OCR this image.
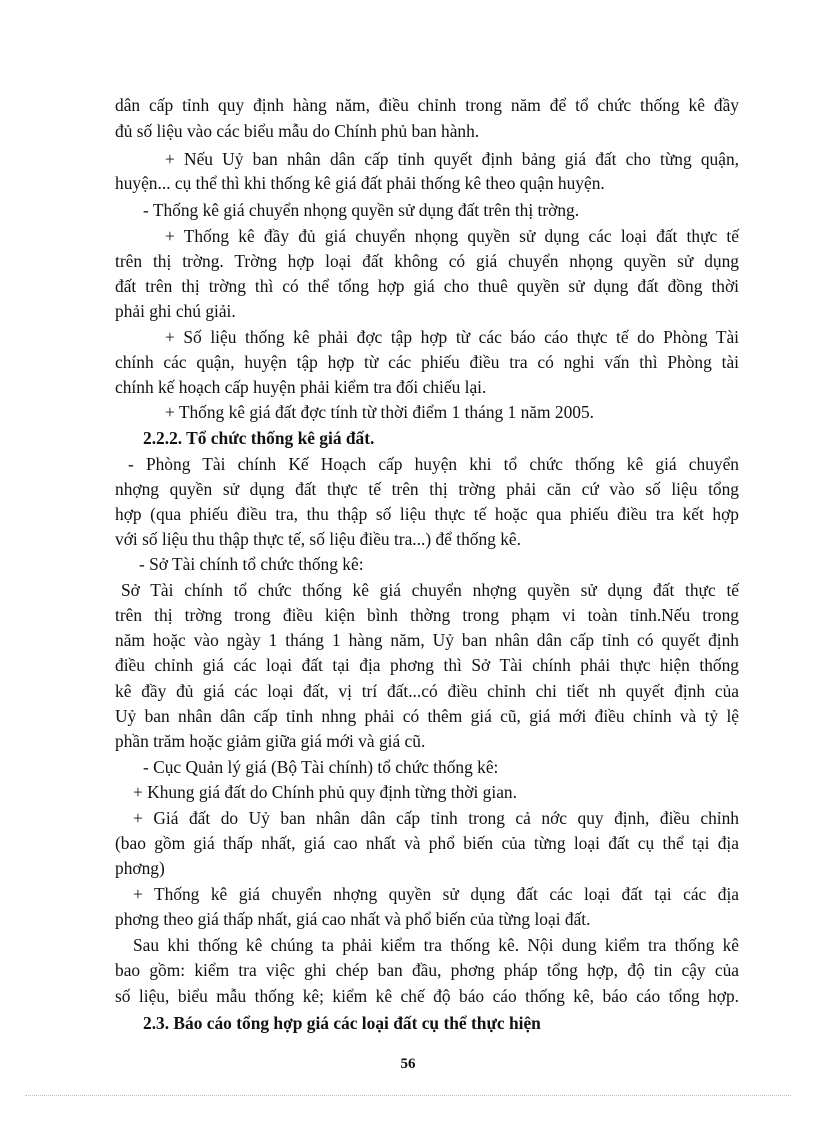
dân cấp tỉnh quy định hàng năm, điều chỉnh trong năm để tổ chức thống kê đầy
đủ số liệu vào các biểu mẫu do Chính phủ ban hành.
+ Nếu Uỷ ban nhân dân cấp tỉnh quyết định bảng giá đất cho từng quận,
huyện... cụ thể thì khi thống kê giá đất phải thống kê theo quận huyện.
- Thống kê giá chuyển nhọng quyền sử dụng đất trên thị trờng.
+ Thống kê đầy đủ giá chuyển nhọng quyền sử dụng các loại đất thực tế
trên thị trờng. Trờng hợp loại đất không có giá chuyển nhọng quyền sử dụng
đất trên thị trờng thì có thể tổng hợp giá cho thuê quyền sử dụng đất đồng thời
phải ghi chú giải.
+ Số liệu thống kê phải đợc tập hợp từ các báo cáo thực tế do Phòng Tài
chính các quận, huyện tập hợp từ các phiếu điều tra có nghi vấn thì Phòng tài
chính kế hoạch cấp huyện phải kiểm tra đối chiếu lại.
+ Thống kê giá đất đợc tính từ thời điểm 1 tháng 1 năm 2005.
2.2.2. Tổ chức thống kê giá đất.
- Phòng Tài chính Kế Hoạch cấp huyện khi tổ chức thống kê giá chuyển
nhợng quyền sử dụng đất thực tế trên thị trờng phải căn cứ vào số liệu tổng
hợp (qua phiếu điều tra, thu thập số liệu thực tế hoặc qua phiếu điều tra kết hợp
với số liệu thu thập thực tế, số liệu điều tra...) để thống kê.
- Sở Tài chính tổ chức thống kê:
Sở Tài chính tổ chức thống kê giá chuyển nhợng quyền sử dụng đất thực tế
trên thị trờng trong điều kiện bình thờng trong phạm vi toàn tỉnh.Nếu trong
năm hoặc vào ngày 1 tháng 1 hàng năm, Uỷ ban nhân dân cấp tỉnh có quyết định
điều chỉnh giá các loại đất tại địa phơng thì Sở Tài chính phải thực hiện thống
kê đầy đủ giá các loại đất, vị trí đất...có điều chỉnh chi tiết nh quyết định của
Uỷ ban nhân dân cấp tỉnh nhng phải có thêm giá cũ, giá mới điều chỉnh và tỷ lệ
phần trăm hoặc giảm giữa giá mới và giá cũ.
- Cục Quản lý giá (Bộ Tài chính) tổ chức thống kê:
+ Khung giá đất do Chính phủ quy định từng thời gian.
+ Giá đất do Uỷ ban nhân dân cấp tỉnh trong cả nớc quy định, điều chỉnh
(bao gồm giá thấp nhất, giá cao nhất và phổ biến của từng loại đất cụ thể tại địa
phơng)
+ Thống kê giá chuyển nhợng quyền sử dụng đất các loại đất tại các địa
phơng theo giá thấp nhất, giá cao nhất và phổ biến của từng loại đất.
Sau khi thống kê chúng ta phải kiểm tra thống kê. Nội dung kiểm tra thống kê
bao gồm: kiểm tra việc ghi chép ban đầu, phơng pháp tổng hợp, độ tin cậy của
số liệu, biểu mẫu thống kê; kiểm kê chế độ báo cáo thống kê, báo cáo tổng hợp.
2.3. Báo cáo tổng hợp giá các loại đất cụ thể thực hiện
56
